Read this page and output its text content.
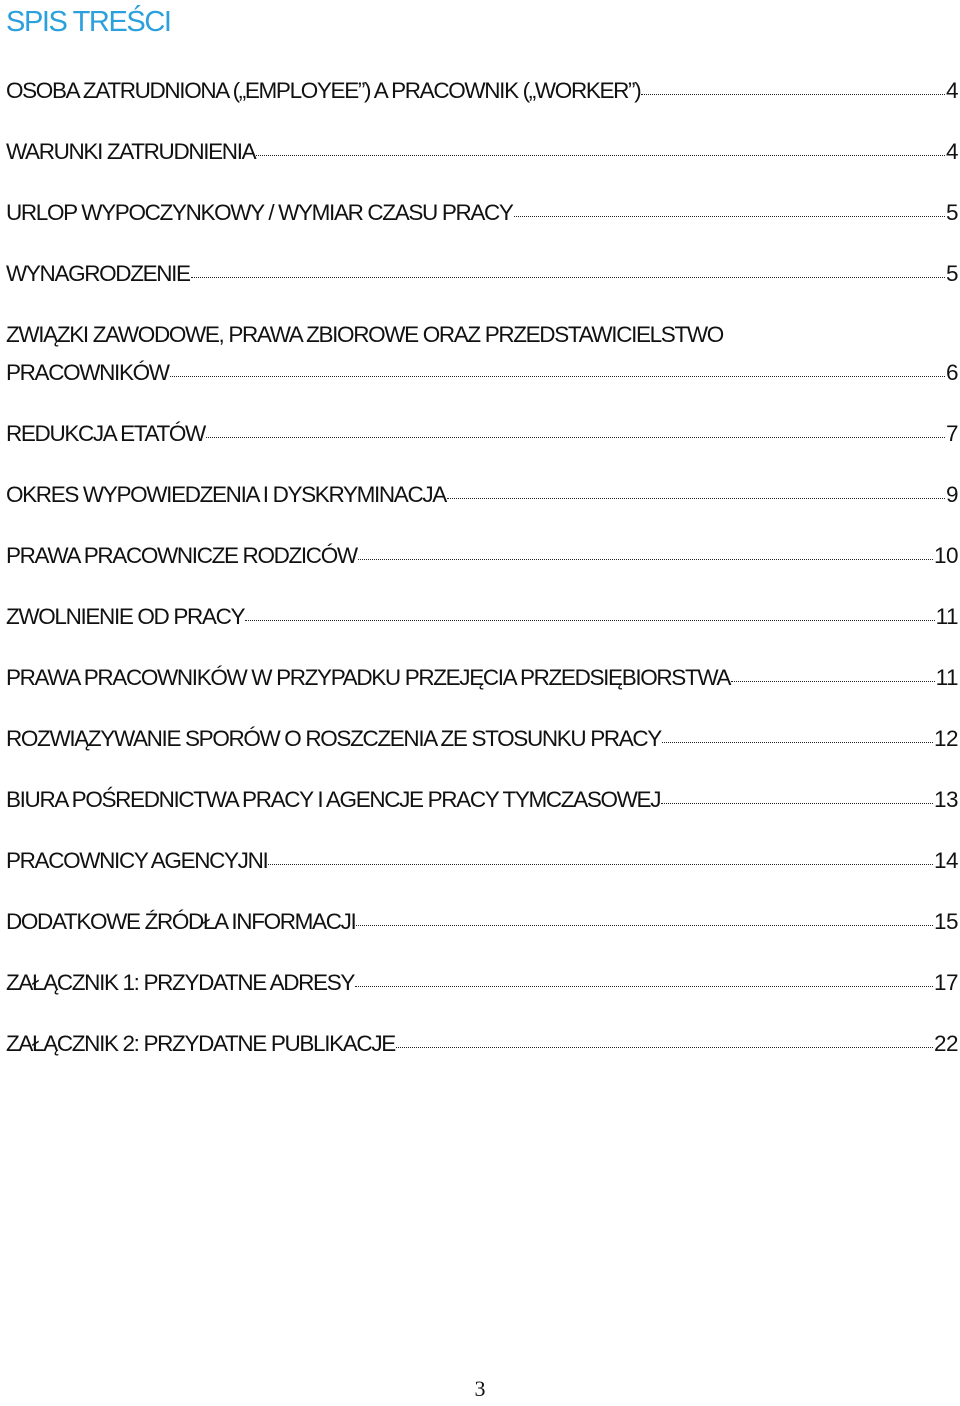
SPIS TREŚCI
OSOBA ZATRUDNIONA („EMPLOYEE”) A PRACOWNIK („WORKER”)	4
WARUNKI ZATRUDNIENIA	4
URLOP WYPOCZYNKOWY / WYMIAR CZASU PRACY	5
WYNAGRODZENIE	5
ZWIĄZKI ZAWODOWE, PRAWA ZBIOROWE ORAZ PRZEDSTAWICIELSTWO
PRACOWNIKÓW	6
REDUKCJA ETATÓW	7
OKRES WYPOWIEDZENIA I DYSKRYMINACJA	9
PRAWA PRACOWNICZE RODZICÓW	10
ZWOLNIENIE OD PRACY	11
PRAWA PRACOWNIKÓW W PRZYPADKU PRZEJĘCIA PRZEDSIĘBIORSTWA	11
ROZWIĄZYWANIE SPORÓW O ROSZCZENIA ZE STOSUNKU PRACY	12
BIURA POŚREDNICTWA PRACY I AGENCJE PRACY TYMCZASOWEJ	13
PRACOWNICY AGENCYJNI	14
DODATKOWE ŹRÓDŁA INFORMACJI	15
ZAŁĄCZNIK 1: PRZYDATNE ADRESY	17
ZAŁĄCZNIK 2: PRZYDATNE PUBLIKACJE	22
3
